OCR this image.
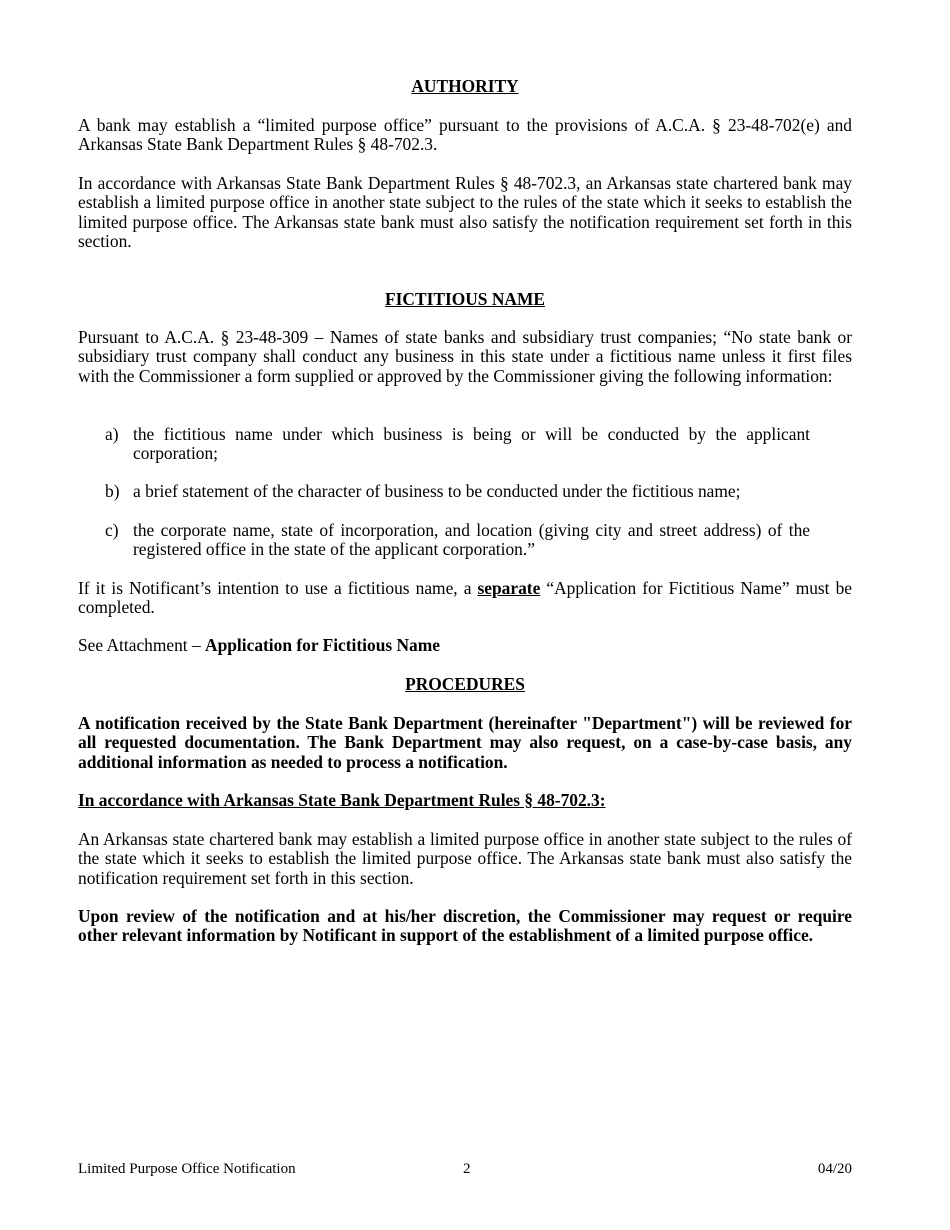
AUTHORITY

A bank may establish a “limited purpose office” pursuant to the provisions of A.C.A. § 23-48-702(e) and Arkansas State Bank Department Rules § 48-702.3.

In accordance with Arkansas State Bank Department Rules § 48-702.3, an Arkansas state chartered bank may establish a limited purpose office in another state subject to the rules of the state which it seeks to establish the limited purpose office. The Arkansas state bank must also satisfy the notification requirement set forth in this section.

FICTITIOUS NAME

Pursuant to A.C.A. § 23-48-309 – Names of state banks and subsidiary trust companies; “No state bank or subsidiary trust company shall conduct any business in this state under a fictitious name unless it first files with the Commissioner a form supplied or approved by the Commissioner giving the following information:

a) the fictitious name under which business is being or will be conducted by the applicant corporation;
b) a brief statement of the character of business to be conducted under the fictitious name;
c) the corporate name, state of incorporation, and location (giving city and street address) of the registered office in the state of the applicant corporation.”

If it is Notificant’s intention to use a fictitious name, a separate “Application for Fictitious Name” must be completed.

See Attachment – Application for Fictitious Name

PROCEDURES

A notification received by the State Bank Department (hereinafter "Department") will be reviewed for all requested documentation. The Bank Department may also request, on a case-by-case basis, any additional information as needed to process a notification.

In accordance with Arkansas State Bank Department Rules § 48-702.3:

An Arkansas state chartered bank may establish a limited purpose office in another state subject to the rules of the state which it seeks to establish the limited purpose office. The Arkansas state bank must also satisfy the notification requirement set forth in this section.

Upon review of the notification and at his/her discretion, the Commissioner may request or require other relevant information by Notificant in support of the establishment of a limited purpose office.

Limited Purpose Office Notification	2	04/20
